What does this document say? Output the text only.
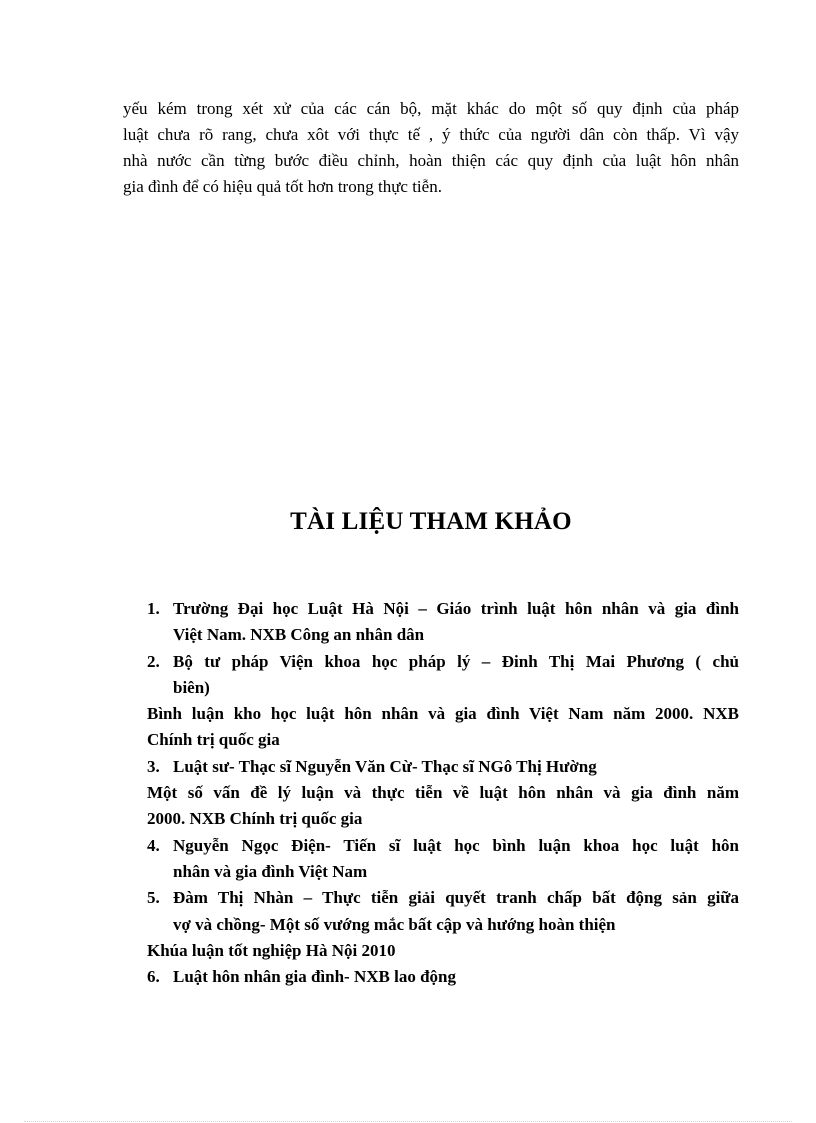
yếu kém trong xét xử của các cán bộ, mặt khác do một số quy định của pháp
luật chưa rõ rang, chưa xôt với thực tế , ý thức của người dân còn thấp. Vì vậy
nhà nước cần từng bước điều chỉnh, hoàn thiện các quy định của luật hôn nhân
gia đình để có hiệu quả tốt hơn trong thực tiễn.
TÀI LIỆU THAM KHẢO
1. Trường Đại học Luật Hà Nội – Giáo trình luật hôn nhân và gia đình
Việt Nam. NXB Công an nhân dân
2. Bộ tư pháp Viện khoa học pháp lý – Đinh Thị Mai Phương ( chủ
biên)
Bình luận kho học luật hôn nhân và gia đình Việt Nam năm 2000. NXB
Chính trị quốc gia
3. Luật sư- Thạc sĩ Nguyễn Văn Cừ- Thạc sĩ NGô Thị Hường
Một số vấn đề lý luận và thực tiễn về luật hôn nhân và gia đình năm
2000. NXB Chính trị quốc gia
4. Nguyễn Ngọc Điện- Tiến sĩ luật học bình luận khoa học luật hôn
nhân và gia đình Việt Nam
5. Đàm Thị Nhàn – Thực tiễn giải quyết tranh chấp bất động sản giữa
vợ và chồng- Một số vướng mắc bất cập và hướng hoàn thiện
Khúa luận tốt nghiệp Hà Nội 2010
6. Luật hôn nhân gia đình- NXB lao động
